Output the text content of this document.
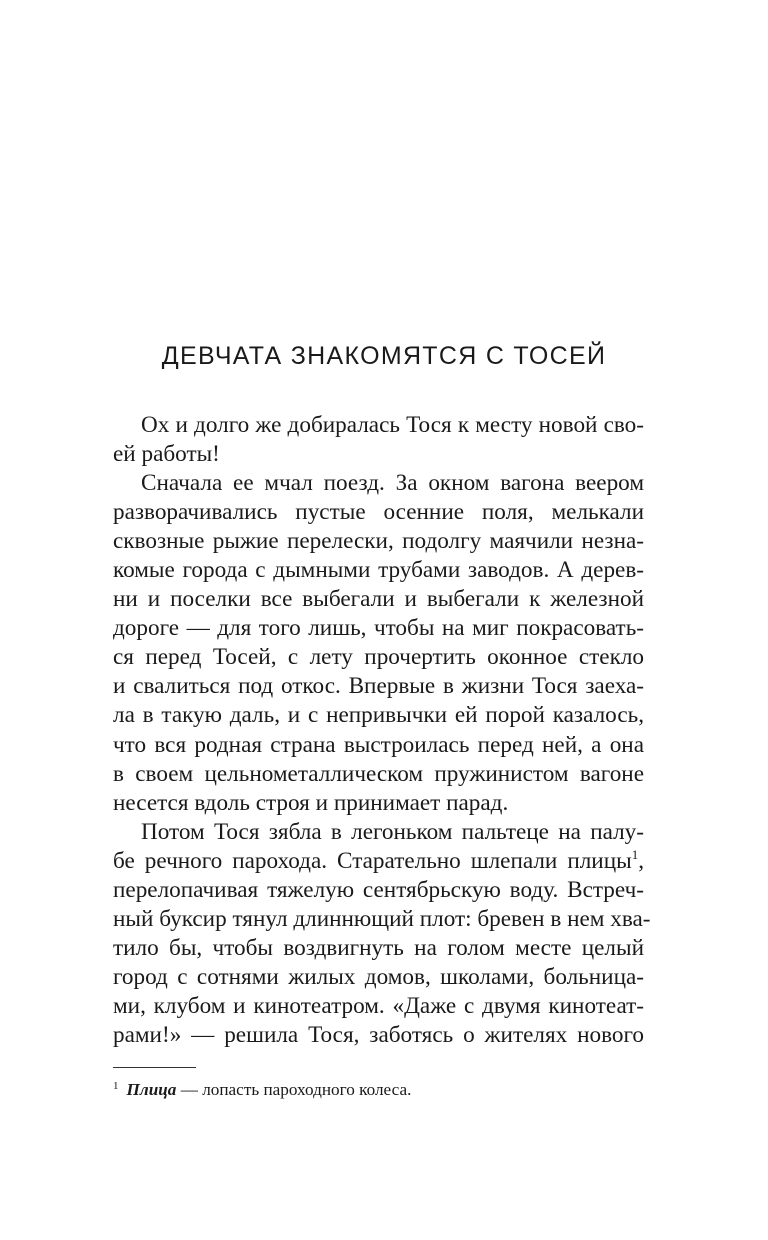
ДЕВЧАТА ЗНАКОМЯТСЯ С ТОСЕЙ
Ох и долго же добиралась Тося к месту новой сво-
ей работы!
Сначала ее мчал поезд. За окном вагона веером
разворачивались пустые осенние поля, мелькали
сквозные рыжие перелески, подолгу маячили незна-
комые города с дымными трубами заводов. А дерев-
ни и поселки все выбегали и выбегали к железной
дороге — для того лишь, чтобы на миг покрасовать-
ся перед Тосей, с лету прочертить оконное стекло
и свалиться под откос. Впервые в жизни Тося заеха-
ла в такую даль, и с непривычки ей порой казалось,
что вся родная страна выстроилась перед ней, а она
в своем цельнометаллическом пружинистом вагоне
несется вдоль строя и принимает парад.
Потом Тося зябла в легоньком пальтеце на палу-
бе речного парохода. Старательно шлепали плицы$^1$,
перелопачивая тяжелую сентябрьскую воду. Встреч-
ный буксир тянул длиннющий плот: бревен в нем хва-
тило бы, чтобы воздвигнуть на голом месте целый
город с сотнями жилых домов, школами, больница-
ми, клубом и кинотеатром. «Даже с двумя кинотеат-
рами!» — решила Тося, заботясь о жителях нового
$^1$ Плица — лопасть пароходного колеса.
